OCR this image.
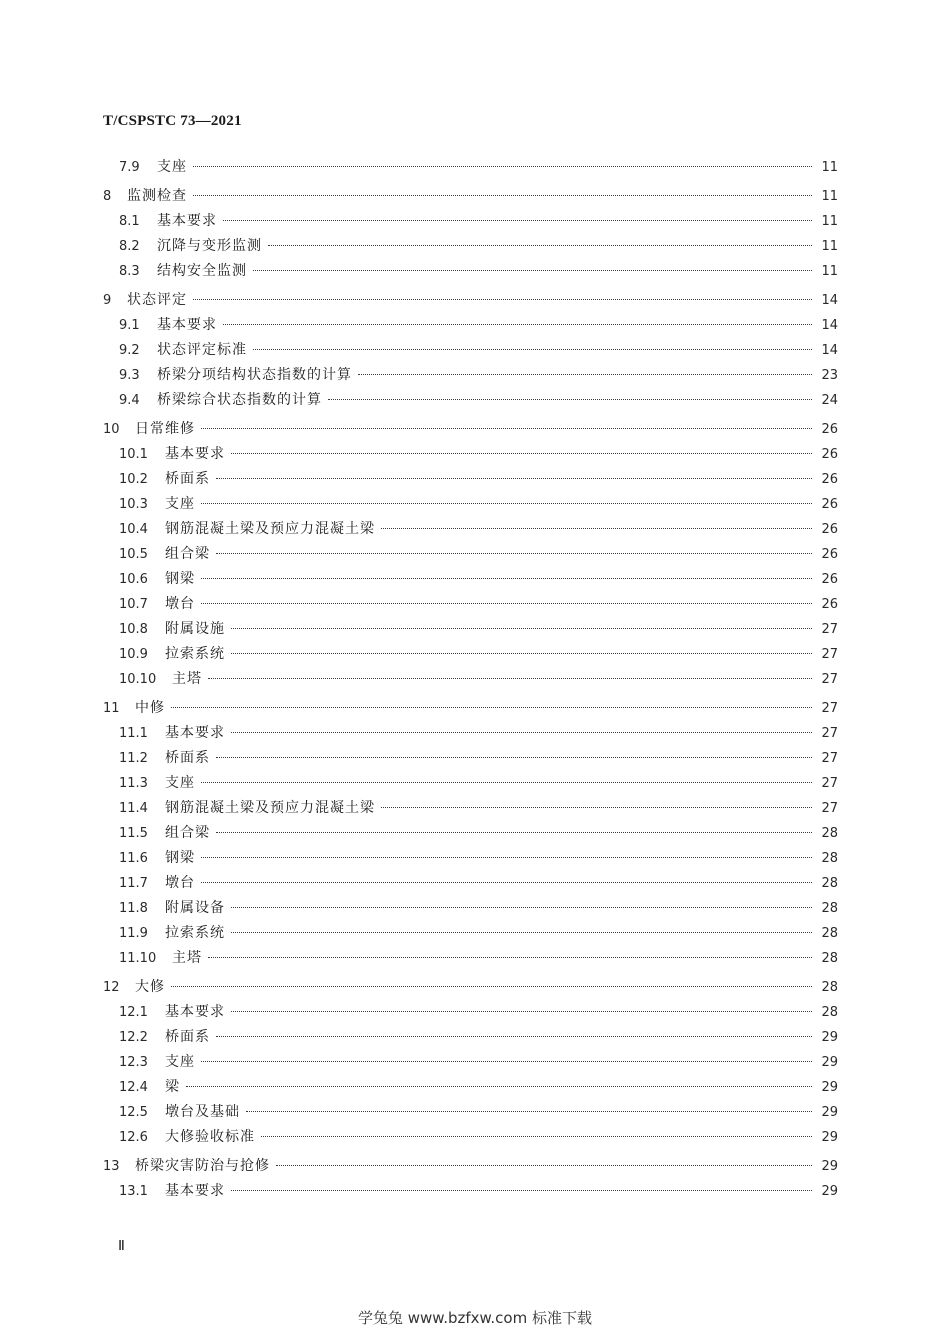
T/CSPSTC 73—2021
7.9	支座	11
8	监测检查	11
8.1	基本要求	11
8.2	沉降与变形监测	11
8.3	结构安全监测	11
9	状态评定	14
9.1	基本要求	14
9.2	状态评定标准	14
9.3	桥梁分项结构状态指数的计算	23
9.4	桥梁综合状态指数的计算	24
10	日常维修	26
10.1	基本要求	26
10.2	桥面系	26
10.3	支座	26
10.4	钢筋混凝土梁及预应力混凝土梁	26
10.5	组合梁	26
10.6	钢梁	26
10.7	墩台	26
10.8	附属设施	27
10.9	拉索系统	27
10.10	主塔	27
11	中修	27
11.1	基本要求	27
11.2	桥面系	27
11.3	支座	27
11.4	钢筋混凝土梁及预应力混凝土梁	27
11.5	组合梁	28
11.6	钢梁	28
11.7	墩台	28
11.8	附属设备	28
11.9	拉索系统	28
11.10	主塔	28
12	大修	28
12.1	基本要求	28
12.2	桥面系	29
12.3	支座	29
12.4	梁	29
12.5	墩台及基础	29
12.6	大修验收标准	29
13	桥梁灾害防治与抢修	29
13.1	基本要求	29
Ⅱ
学兔兔 www.bzfxw.com 标准下载
